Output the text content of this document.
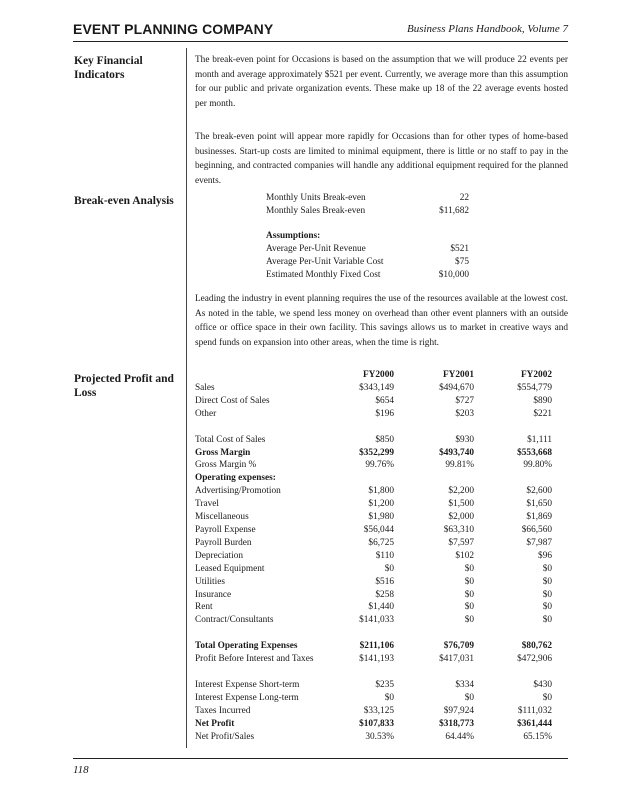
EVENT PLANNING COMPANY	Business Plans Handbook, Volume 7
Key Financial Indicators

The break-even point for Occasions is based on the assumption that we will produce 22 events per month and average approximately $521 per event. Currently, we average more than this assumption for our public and private organization events. These make up 18 of the 22 average events hosted per month.

The break-even point will appear more rapidly for Occasions than for other types of home-based businesses. Start-up costs are limited to minimal equipment, there is little or no staff to pay in the beginning, and contracted companies will handle any additional equipment required for the planned events.

Break-even Analysis	Monthly Units Break-even	22
Monthly Sales Break-even	$11,682
Assumptions:
Average Per-Unit Revenue	$521
Average Per-Unit Variable Cost	$75
Estimated Monthly Fixed Cost	$10,000

Leading the industry in event planning requires the use of the resources available at the lowest cost. As noted in the table, we spend less money on overhead than other event planners with an outside office or office space in their own facility. This savings allows us to market in creative ways and spend funds on expansion into other areas, when the time is right.

Projected Profit and Loss
	FY2000	FY2001	FY2002
Sales	$343,149	$494,670	$554,779
Direct Cost of Sales	$654	$727	$890
Other	$196	$203	$221

Total Cost of Sales	$850	$930	$1,111
Gross Margin	$352,299	$493,740	$553,668
Gross Margin %	99.76%	99.81%	99.80%
Operating expenses:			
Advertising/Promotion	$1,800	$2,200	$2,600
Travel	$1,200	$1,500	$1,650
Miscellaneous	$1,980	$2,000	$1,869
Payroll Expense	$56,044	$63,310	$66,560
Payroll Burden	$6,725	$7,597	$7,987
Depreciation	$110	$102	$96
Leased Equipment	$0	$0	$0
Utilities	$516	$0	$0
Insurance	$258	$0	$0
Rent	$1,440	$0	$0
Contract/Consultants	$141,033	$0	$0

Total Operating Expenses	$211,106	$76,709	$80,762
Profit Before Interest and Taxes	$141,193	$417,031	$472,906

Interest Expense Short-term	$235	$334	$430
Interest Expense Long-term	$0	$0	$0
Taxes Incurred	$33,125	$97,924	$111,032
Net Profit	$107,833	$318,773	$361,444
Net Profit/Sales	30.53%	64.44%	65.15%
118
